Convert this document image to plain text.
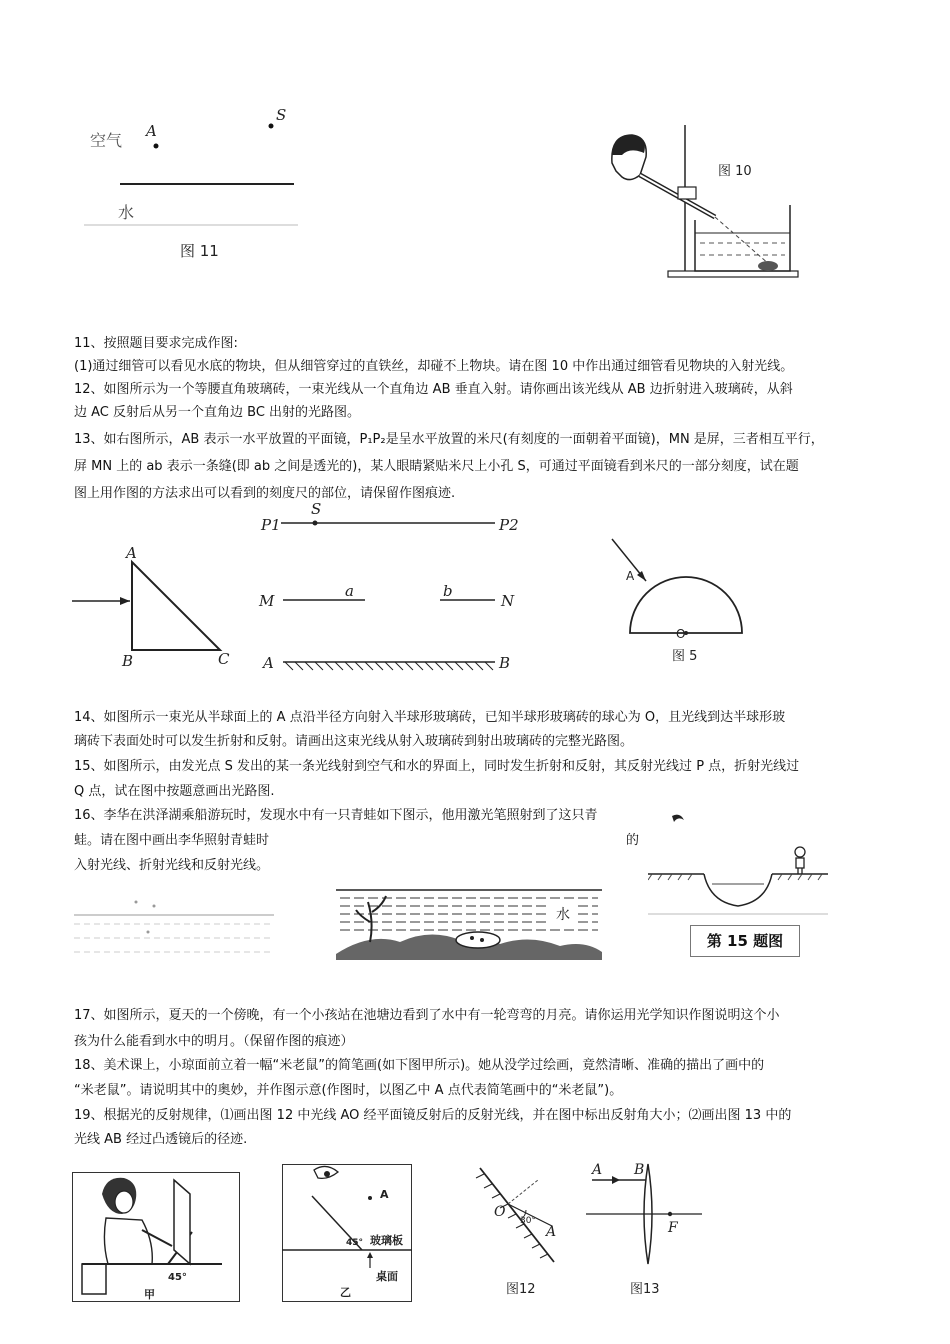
空气 A
S
水
图 11
图 10
11、按照题目要求完成作图:
(1)通过细管可以看见水底的物块，但从细管穿过的直铁丝，却碰不上物块。请在图 10 中作出通过细管看见物块的入射光线。
12、如图所示为一个等腰直角玻璃砖，一束光线从一个直角边 AB 垂直入射。请你画出该光线从 AB 边折射进入玻璃砖，从斜
边 AC 反射后从另一个直角边 BC 出射的光路图。
13、如右图所示，AB 表示一水平放置的平面镜，P₁P₂是呈水平放置的米尺(有刻度的一面朝着平面镜)，MN 是屏，三者相互平行，
屏 MN 上的 ab 表示一条缝(即 ab 之间是透光的)，某人眼睛紧贴米尺上小孔 S，可通过平面镜看到米尺的一部分刻度，试在题
图上用作图的方法求出可以看到的刻度尺的部位，请保留作图痕迹.
A
B	C
P1
S
P2
M
a	b
N
A	B
A
O
图 5
14、如图所示一束光从半球面上的 A 点沿半径方向射入半球形玻璃砖，已知半球形玻璃砖的球心为 O，且光线到达半球形玻
璃砖下表面处时可以发生折射和反射。请画出这束光线从射入玻璃砖到射出玻璃砖的完整光路图。
15、如图所示，由发光点 S 发出的某一条光线射到空气和水的界面上，同时发生折射和反射，其反射光线过 P 点，折射光线过
Q 点，试在图中按题意画出光路图.
16、李华在洪泽湖乘船游玩时，发现水中有一只青蛙如下图示，他用激光笔照射到了这只青
蛙。请在图中画出李华照射青蛙时	的
入射光线、折射光线和反射光线。
水
第 15 题图
17、如图所示，夏天的一个傍晚，有一个小孩站在池塘边看到了水中有一轮弯弯的月亮。请你运用光学知识作图说明这个小
孩为什么能看到水中的明月。（保留作图的痕迹）
18、美术课上，小琼面前立着一幅“米老鼠”的简笔画(如下图甲所示)。她从没学过绘画，竟然清晰、准确的描出了画中的
“米老鼠”。请说明其中的奥妙，并作图示意(作图时，以图乙中 A 点代表简笔画中的“米老鼠”)。
19、根据光的反射规律，⑴画出图 12 中光线 AO 经平面镜反射后的反射光线，并在图中标出反射角大小；⑵画出图 13 中的
光线 AB 经过凸透镜后的径迹.
45°
甲
A
45° 玻璃板
桌面
乙
O
A
30°
图12
A B
F
图13
